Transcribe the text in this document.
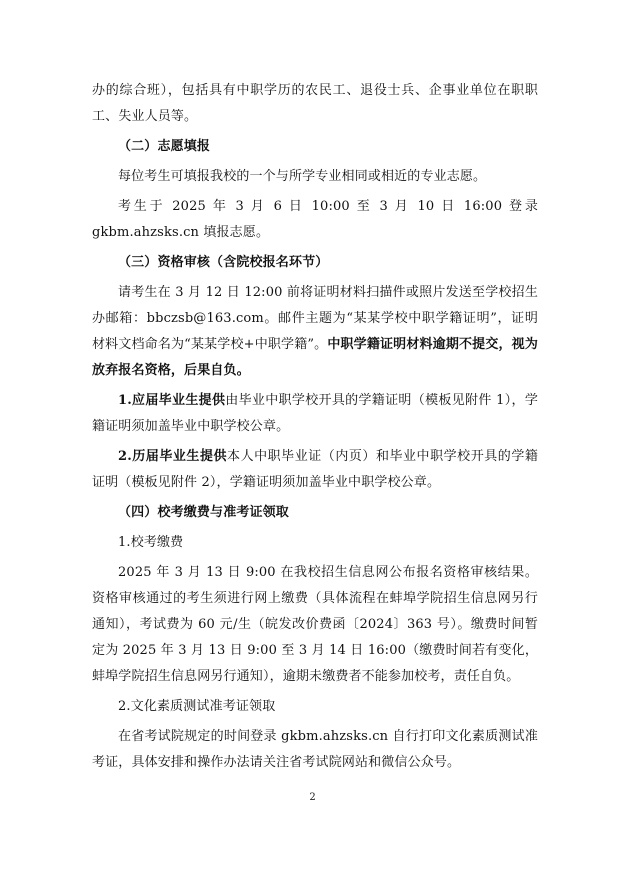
办的综合班），包括具有中职学历的农民工、退役士兵、企事业单位在职职工、失业人员等。

（二）志愿填报

每位考生可填报我校的一个与所学专业相同或相近的专业志愿。

考生于 2025 年 3 月 6 日 10:00 至 3 月 10 日 16:00 登录 gkbm.ahzsks.cn 填报志愿。

（三）资格审核（含院校报名环节）

请考生在 3 月 12 日 12:00 前将证明材料扫描件或照片发送至学校招生办邮箱：bbczsb@163.com。邮件主题为“某某学校中职学籍证明”，证明材料文档命名为“某某学校+中职学籍”。中职学籍证明材料逾期不提交，视为放弃报名资格，后果自负。

1.应届毕业生提供由毕业中职学校开具的学籍证明（模板见附件 1），学籍证明须加盖毕业中职学校公章。

2.历届毕业生提供本人中职毕业证（内页）和毕业中职学校开具的学籍证明（模板见附件 2），学籍证明须加盖毕业中职学校公章。

（四）校考缴费与准考证领取

1.校考缴费

2025 年 3 月 13 日 9:00 在我校招生信息网公布报名资格审核结果。资格审核通过的考生须进行网上缴费（具体流程在蚌埠学院招生信息网另行通知），考试费为 60 元/生（皖发改价费函〔2024〕363 号）。缴费时间暂定为 2025 年 3 月 13 日 9:00 至 3 月 14 日 16:00（缴费时间若有变化，蚌埠学院招生信息网另行通知），逾期未缴费者不能参加校考，责任自负。

2.文化素质测试准考证领取

在省考试院规定的时间登录 gkbm.ahzsks.cn 自行打印文化素质测试准考证，具体安排和操作办法请关注省考试院网站和微信公众号。

2
